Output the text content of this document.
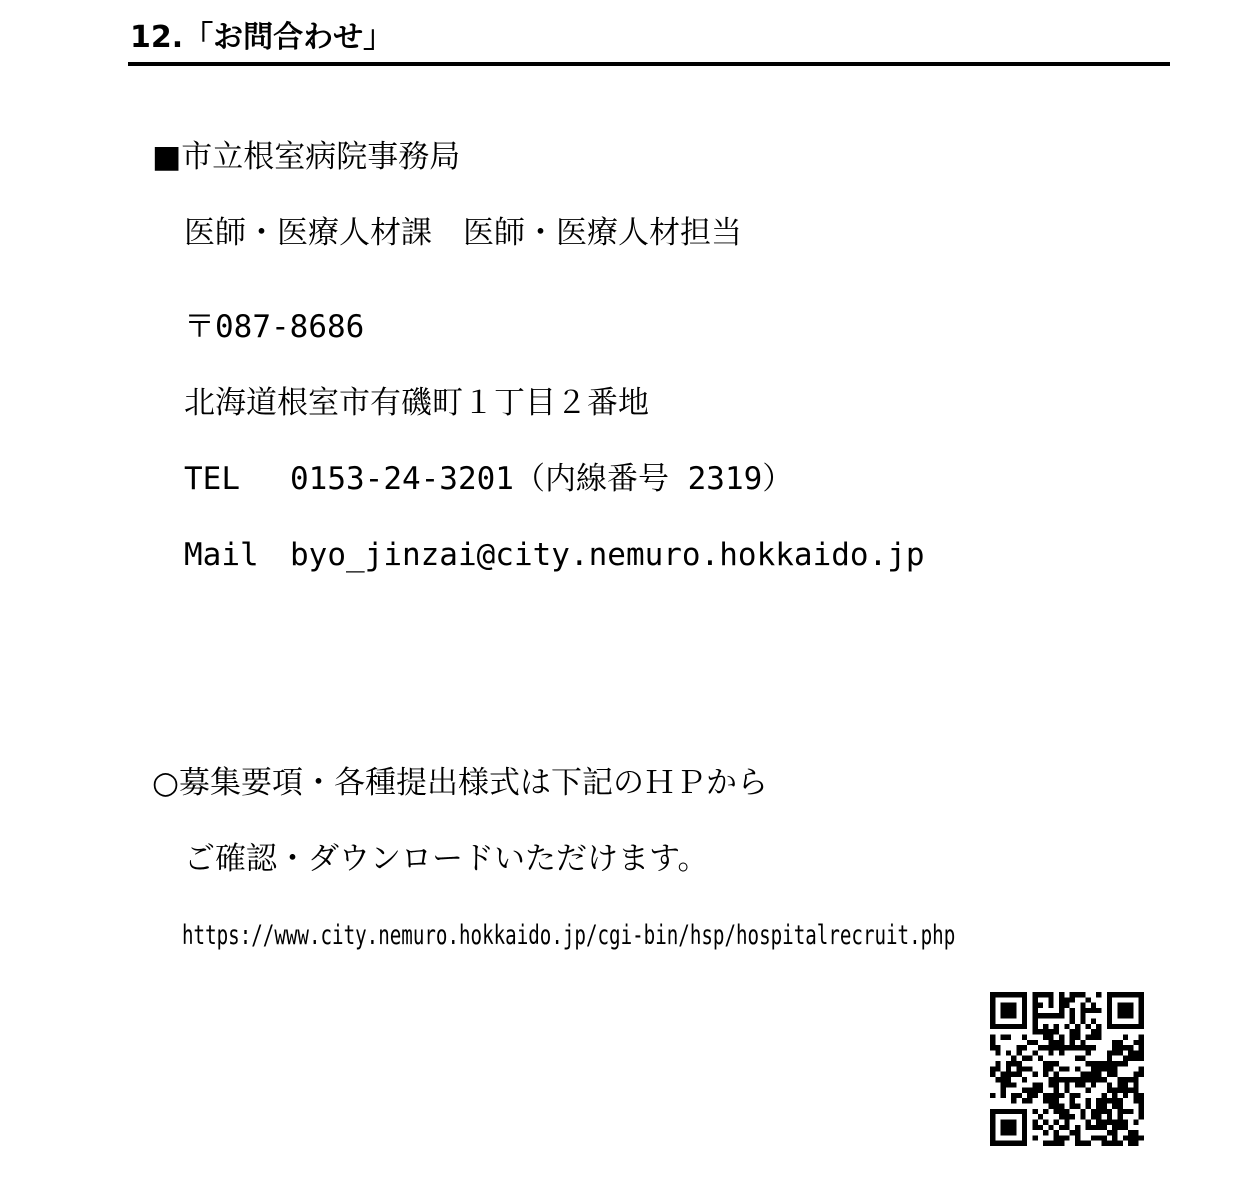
12.「お問合わせ」
■市立根室病院事務局
医師・医療人材課　医師・医療人材担当
〒087-8686
北海道根室市有磯町１丁目２番地
TEL 0153-24-3201（内線番号 2319）
Mail byo_jinzai@city.nemuro.hokkaido.jp
○募集要項・各種提出様式は下記のＨＰから
ご確認・ダウンロードいただけます。
https://www.city.nemuro.hokkaido.jp/cgi-bin/hsp/hospitalrecruit.php
